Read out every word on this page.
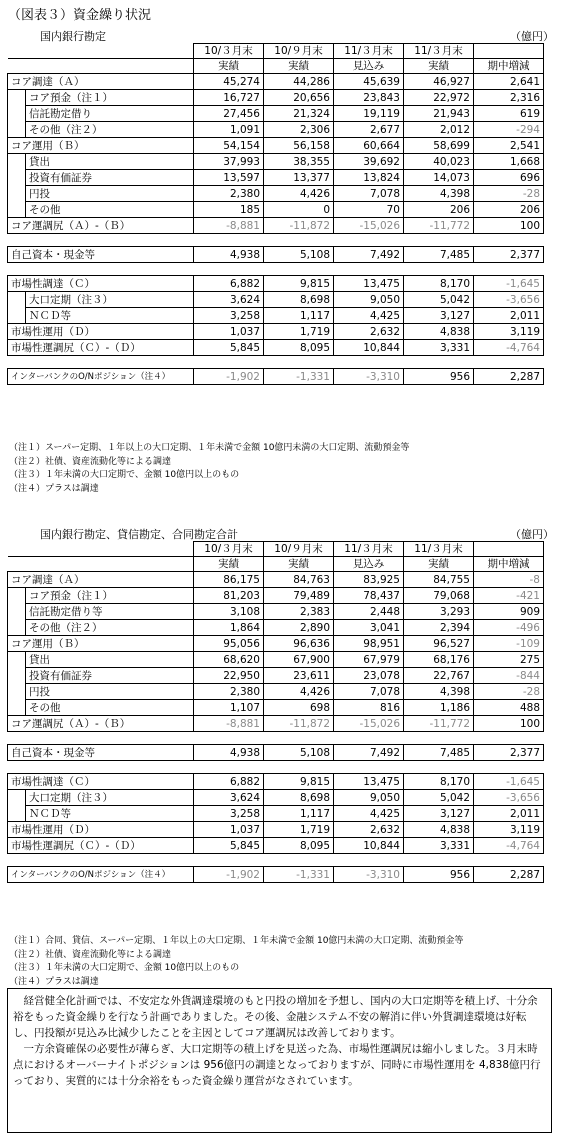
（図表３）資金繰り状況
国内銀行勘定	（億円）
		10/３月末	10/９月末	11/３月末	11/３月末	
		実績	実績	見込み	実績	期中増減
コア調達（Ａ）		45,274	44,286	45,639	46,927	2,641
	コア預金（注１）	16,727	20,656	23,843	22,972	2,316
	信託勘定借り	27,456	21,324	19,119	21,943	619
	その他（注２）	1,091	2,306	2,677	2,012	-294
コア運用（Ｂ）		54,154	56,158	60,664	58,699	2,541
	貸出	37,993	38,355	39,692	40,023	1,668
	投資有価証券	13,597	13,377	13,824	14,073	696
	円投	2,380	4,426	7,078	4,398	-28
	その他	185	0	70	206	206
コア運調尻（Ａ）-（Ｂ）		-8,881	-11,872	-15,026	-11,772	100

自己資本・現金等		4,938	5,108	7,492	7,485	2,377

市場性調達（Ｃ）		6,882	9,815	13,475	8,170	-1,645
	大口定期（注３）	3,624	8,698	9,050	5,042	-3,656
	ＮＣＤ等	3,258	1,117	4,425	3,127	2,011
市場性運用（Ｄ）		1,037	1,719	2,632	4,838	3,119
市場性運調尻（Ｃ）-（Ｄ）		5,845	8,095	10,844	3,331	-4,764

インターバンクのO/Nポジション（注４）		-1,902	-1,331	-3,310	956	2,287
（注１）スーパー定期、１年以上の大口定期、１年未満で金額 10億円未満の大口定期、流動預金等
（注２）社債、資産流動化等による調達
（注３）１年未満の大口定期で、金額 10億円以上のもの
（注４）プラスは調達
国内銀行勘定、貸信勘定、合同勘定合計	（億円）
		10/３月末	10/９月末	11/３月末	11/３月末	
		実績	実績	見込み	実績	期中増減
コア調達（Ａ）		86,175	84,763	83,925	84,755	-8
	コア預金（注１）	81,203	79,489	78,437	79,068	-421
	信託勘定借り等	3,108	2,383	2,448	3,293	909
	その他（注２）	1,864	2,890	3,041	2,394	-496
コア運用（Ｂ）		95,056	96,636	98,951	96,527	-109
	貸出	68,620	67,900	67,979	68,176	275
	投資有価証券	22,950	23,611	23,078	22,767	-844
	円投	2,380	4,426	7,078	4,398	-28
	その他	1,107	698	816	1,186	488
コア運調尻（Ａ）-（Ｂ）		-8,881	-11,872	-15,026	-11,772	100

自己資本・現金等		4,938	5,108	7,492	7,485	2,377

市場性調達（Ｃ）		6,882	9,815	13,475	8,170	-1,645
	大口定期（注３）	3,624	8,698	9,050	5,042	-3,656
	ＮＣＤ等	3,258	1,117	4,425	3,127	2,011
市場性運用（Ｄ）		1,037	1,719	2,632	4,838	3,119
市場性運調尻（Ｃ）-（Ｄ）		5,845	8,095	10,844	3,331	-4,764

インターバンクのO/Nポジション（注４）		-1,902	-1,331	-3,310	956	2,287
（注１）合同、貸信、スーパー定期、１年以上の大口定期、１年未満で金額 10億円未満の大口定期、流動預金等
（注２）社債、資産流動化等による調達
（注３）１年未満の大口定期で、金額 10億円以上のもの
（注４）プラスは調達
　経営健全化計画では、不安定な外貨調達環境のもと円投の増加を予想し、国内の大口定期等を積上げ、十分余裕をもった資金繰りを行なう計画でありました。その後、金融システム不安の解消に伴い外貨調達環境は好転し、円投額が見込み比減少したことを主因としてコア運調尻は改善しております。
　一方余資確保の必要性が薄らぎ、大口定期等の積上げを見送った為、市場性運調尻は縮小しました。３月末時点におけるオーバーナイトポジションは 956億円の調達となっておりますが、同時に市場性運用を 4,838億円行っており、実質的には十分余裕をもった資金繰り運営がなされています。
